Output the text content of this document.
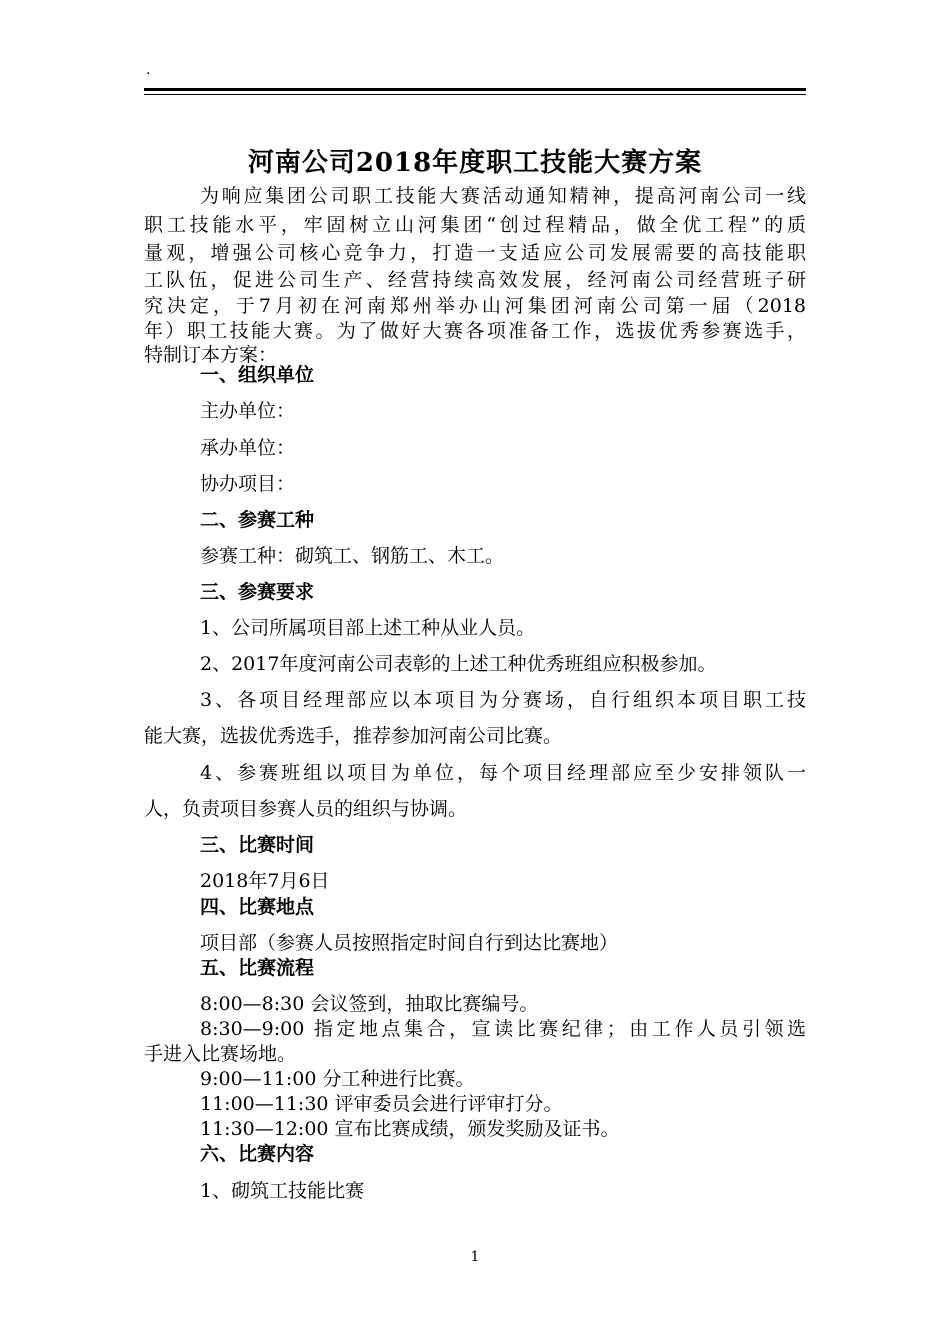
.
河南公司2018年度职工技能大赛方案
为响应集团公司职工技能大赛活动通知精神，提高河南公司一线
职工技能水平，牢固树立山河集团“创过程精品，做全优工程”的质
量观，增强公司核心竞争力，打造一支适应公司发展需要的高技能职
工队伍，促进公司生产、经营持续高效发展，经河南公司经营班子研
究决定，于7月初在河南郑州举办山河集团河南公司第一届（2018
年）职工技能大赛。为了做好大赛各项准备工作，选拔优秀参赛选手，
特制订本方案：
一、组织单位
主办单位：
承办单位：
协办项目：
二、参赛工种
参赛工种：砌筑工、钢筋工、木工。
三、参赛要求
1、公司所属项目部上述工种从业人员。
2、2017年度河南公司表彰的上述工种优秀班组应积极参加。
3、各项目经理部应以本项目为分赛场，自行组织本项目职工技
能大赛，选拔优秀选手，推荐参加河南公司比赛。
4、参赛班组以项目为单位，每个项目经理部应至少安排领队一
人，负责项目参赛人员的组织与协调。
三、比赛时间
2018年7月6日
四、比赛地点
项目部（参赛人员按照指定时间自行到达比赛地）
五、比赛流程
8:00—8:30 会议签到，抽取比赛编号。
8:30—9:00 指定地点集合，宣读比赛纪律；由工作人员引领选
手进入比赛场地。
9:00—11:00 分工种进行比赛。
11:00—11:30 评审委员会进行评审打分。
11:30—12:00 宣布比赛成绩，颁发奖励及证书。
六、比赛内容
1、砌筑工技能比赛
1
